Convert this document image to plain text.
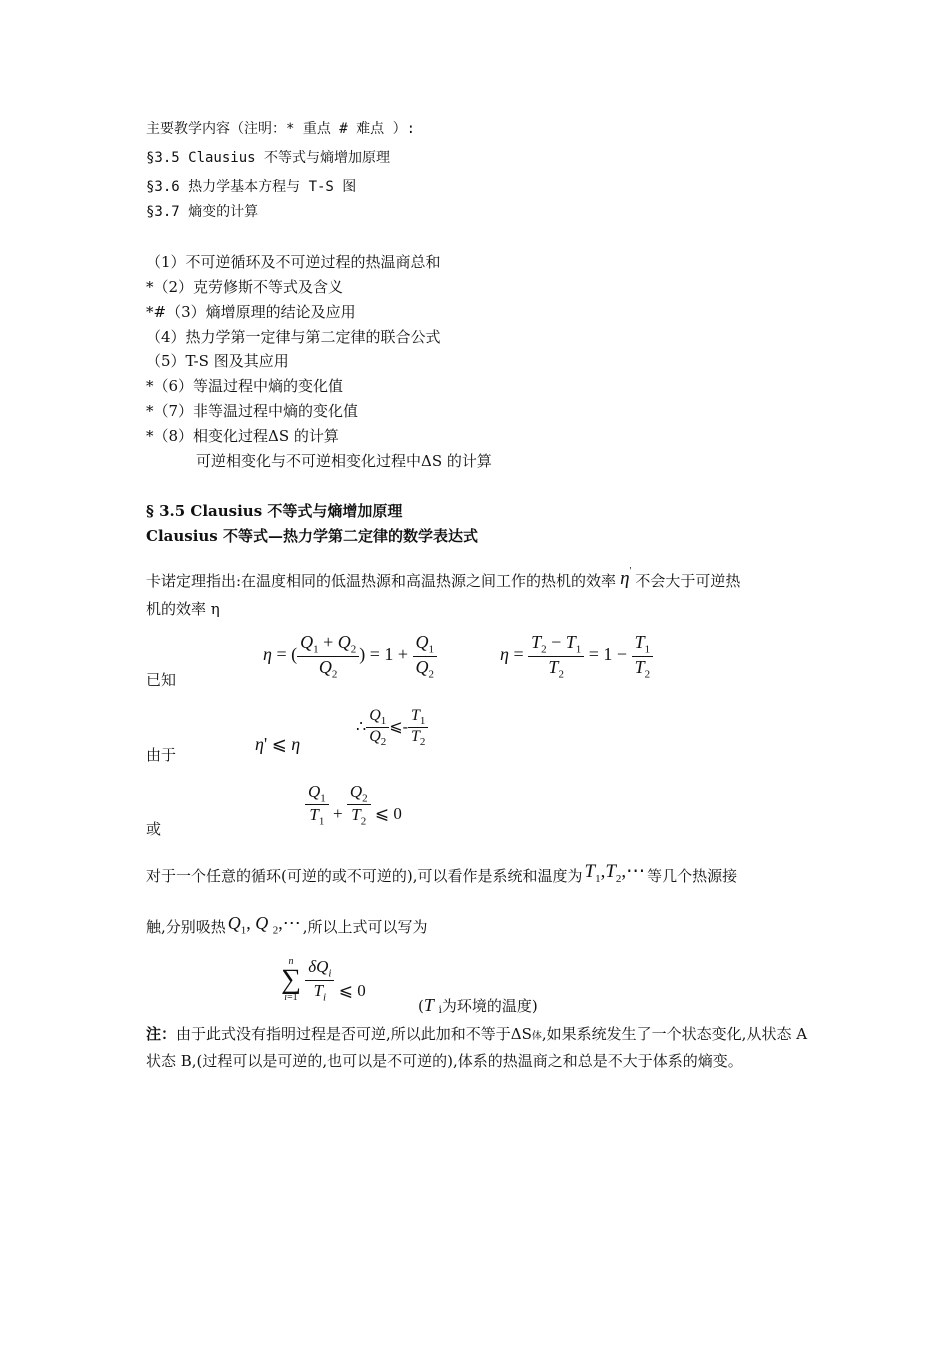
主要教学内容（注明：* 重点 # 难点 ）:
§3.5 Clausius 不等式与熵增加原理
§3.6 热力学基本方程与 T-S 图
§3.7 熵变的计算
（1）不可逆循环及不可逆过程的热温商总和
*（2）克劳修斯不等式及含义
*#（3）熵增原理的结论及应用
（4）热力学第一定律与第二定律的联合公式
（5）T-S 图及其应用
*（6）等温过程中熵的变化值
*（7）非等温过程中熵的变化值
*（8）相变化过程ΔS 的计算
可逆相变化与不可逆相变化过程中ΔS 的计算
§ 3.5 Clausius 不等式与熵增加原理
Clausius 不等式—热力学第二定律的数学表达式
卡诺定理指出:在温度相同的低温热源和高温热源之间工作的热机的效率 η'不会大于可逆热
机的效率 η
已知
η = ( $\frac{Q_1 + Q_2}{Q_2}$ ) = $1 + \frac{Q_1}{Q_2}$	$\eta = \frac{T_2 - T_1}{T_2} = 1 - \frac{T_1}{T_2}$
由于
η' ⩽ η
∴ $\frac{Q_1}{Q_2}$ ⩽- $\frac{T_1}{T_2}$
或
$\frac{Q_1}{T_1} + \frac{Q_2}{T_2}$ ⩽ 0
对于一个任意的循环(可逆的或不可逆的),可以看作是系统和温度为 $T_1,T_2,\cdots$ 等几个热源接
触,分别吸热 $Q_1$, Q $_2$,⋯ ,所以上式可以写为
n
∑
i=1
$\frac{\delta Q_i}{T_i}$ ⩽ 0
(T i为环境的温度)
注：由于此式没有指明过程是否可逆,所以此加和不等于ΔS体,如果系统发生了一个状态变化,从状态 A 状态 B,(过程可以是可逆的,也可以是不可逆的),体系的热温商之和总是不大于体系的熵变。
